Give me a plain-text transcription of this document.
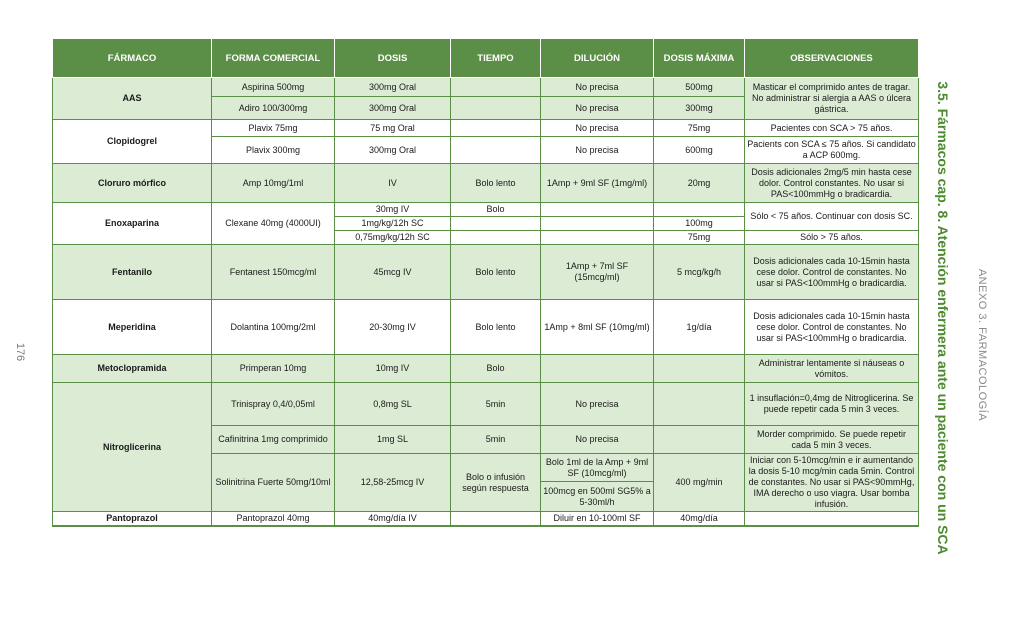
FÁRMACO	FORMA COMERCIAL	DOSIS	TIEMPO	DILUCIÓN	DOSIS MÁXIMA	OBSERVACIONES
AAS	Aspirina 500mg	300mg Oral		No precisa	500mg	Masticar el comprimido antes de tragar. No administrar si alergia a AAS o úlcera gástrica.
	Adiro 100/300mg	300mg Oral		No precisa	300mg	
Clopidogrel	Plavix 75mg	75 mg Oral		No precisa	75mg	Pacientes con SCA > 75 años.
	Plavix 300mg	300mg Oral		No precisa	600mg	Pacients con SCA ≤ 75 años. Si candidato a ACP 600mg.
Cloruro mórfico	Amp 10mg/1ml	IV	Bolo lento	1Amp + 9ml SF (1mg/ml)	20mg	Dosis adicionales 2mg/5 min hasta cese dolor. Control constantes. No usar si PAS<100mmHg o bradicardia.
Enoxaparina	Clexane 40mg (4000UI)	30mg IV	Bolo			Sólo < 75 años. Continuar con dosis SC.
		1mg/kg/12h SC			100mg	
		0,75mg/kg/12h SC			75mg	Sólo > 75 años.
Fentanilo	Fentanest 150mcg/ml	45mcg IV	Bolo lento	1Amp + 7ml SF (15mcg/ml)	5 mcg/kg/h	Dosis adicionales cada 10-15min hasta cese dolor. Control de constantes. No usar si PAS<100mmHg o bradicardia.
Meperidina	Dolantina 100mg/2ml	20-30mg IV	Bolo lento	1Amp + 8ml SF (10mg/ml)	1g/día	Dosis adicionales cada 10-15min hasta cese dolor. Control de constantes. No usar si PAS<100mmHg o bradicardia.
Metoclopramida	Primperan 10mg	10mg IV	Bolo			Administrar lentamente si náuseas o vómitos.
Nitroglicerina	Trinispray 0,4/0,05ml	0,8mg SL	5min	No precisa		1 insuflación=0,4mg de Nitroglicerina. Se puede repetir cada 5 min 3 veces.
	Cafinitrina 1mg comprimido	1mg SL	5min	No precisa		Morder comprimido. Se puede repetir cada 5 min 3 veces.
	Solinitrina Fuerte 50mg/10ml	12,58-25mcg IV	Bolo o infusión según respuesta	Bolo 1ml de la Amp + 9ml SF (10mcg/ml)	400 mg/min	Iniciar con 5-10mcg/min e ir aumentando la dosis 5-10 mcg/min cada 5min. Control de constantes. No usar si PAS<90mmHg, IMA derecho o uso viagra. Usar bomba infusión.
				100mcg en 500ml SG5% a 5-30ml/h		

Pantoprazol	Pantoprazol 40mg	40mg/día IV		Diluir en 10-100ml SF	40mg/día		3.5. Fármacos cap. 8. Atención enfermera ante un paciente con un SCA ANEXO 3. FARMACOLOGÍA
176
